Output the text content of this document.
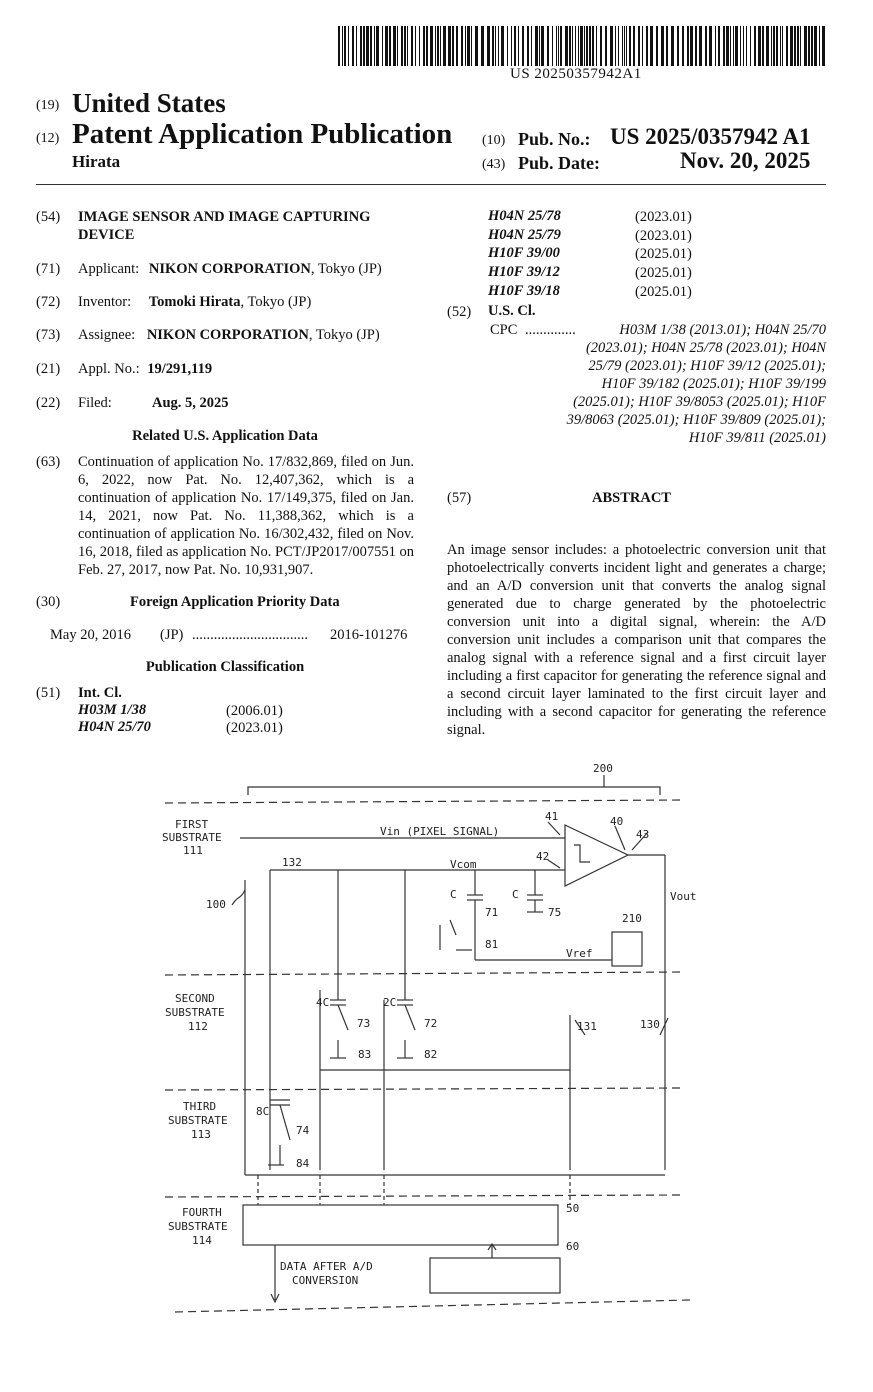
US 20250357942A1
(19) United States
(12) Patent Application Publication
Hirata
(10) Pub. No.: US 2025/0357942 A1
(43) Pub. Date:	Nov. 20, 2025
(54) IMAGE SENSOR AND IMAGE CAPTURING
DEVICE
(71) Applicant: NIKON CORPORATION, Tokyo (JP)
(72) Inventor: Tomoki Hirata, Tokyo (JP)
(73) Assignee: NIKON CORPORATION, Tokyo (JP)
(21) Appl. No.: 19/291,119
(22) Filed:	Aug. 5, 2025
Related U.S. Application Data
(63) Continuation of application No. 17/832,869, filed on Jun. 6, 2022, now Pat. No. 12,407,362, which is a continuation of application No. 17/149,375, filed on Jan. 14, 2021, now Pat. No. 11,388,362, which is a continuation of application No. 16/302,432, filed on Nov. 16, 2018, filed as application No. PCT/JP2017/007551 on Feb. 27, 2017, now Pat. No. 10,931,907.
(30)	Foreign Application Priority Data
May 20, 2016 (JP) ................................ 2016-101276
Publication Classification
(51) Int. Cl.
H03M 1/38	(2006.01)
H04N 25/70	(2023.01)
H04N 25/78	(2023.01)
H04N 25/79	(2023.01)
H10F 39/00	(2025.01)
H10F 39/12	(2025.01)
H10F 39/18	(2025.01)
(52) U.S. Cl.
CPC ..............	H03M 1/38 (2013.01); H04N 25/70
(2023.01); H04N 25/78 (2023.01); H04N
25/79 (2023.01); H10F 39/12 (2025.01);
H10F 39/182 (2025.01); H10F 39/199
(2025.01); H10F 39/8053 (2025.01); H10F
39/8063 (2025.01); H10F 39/809 (2025.01);
H10F 39/811 (2025.01)
(57)	ABSTRACT
An image sensor includes: a photoelectric conversion unit that photoelectrically converts incident light and generates a charge; and an A/D conversion unit that converts the analog signal generated due to charge generated by the photoelectric conversion unit into a digital signal, wherein: the A/D conversion unit includes a comparison unit that compares the analog signal with a reference signal and a first circuit layer including a first capacitor for generating the reference signal and a second circuit layer laminated to the first circuit layer and including with a second capacitor for generating the reference signal.
200
FIRST
SUBSTRATE
111
Vin (PIXEL SIGNAL)
41	40
43
42
132	Vcom
100
C	C
71	75
81
Vout
210
Vref
SECOND
SUBSTRATE
112
4C	2C
73	72	131	130
83	82
THIRD
SUBSTRATE
113
8C
74
84
FOURTH
SUBSTRATE
114
50
60
DATA AFTER A/D
CONVERSION
